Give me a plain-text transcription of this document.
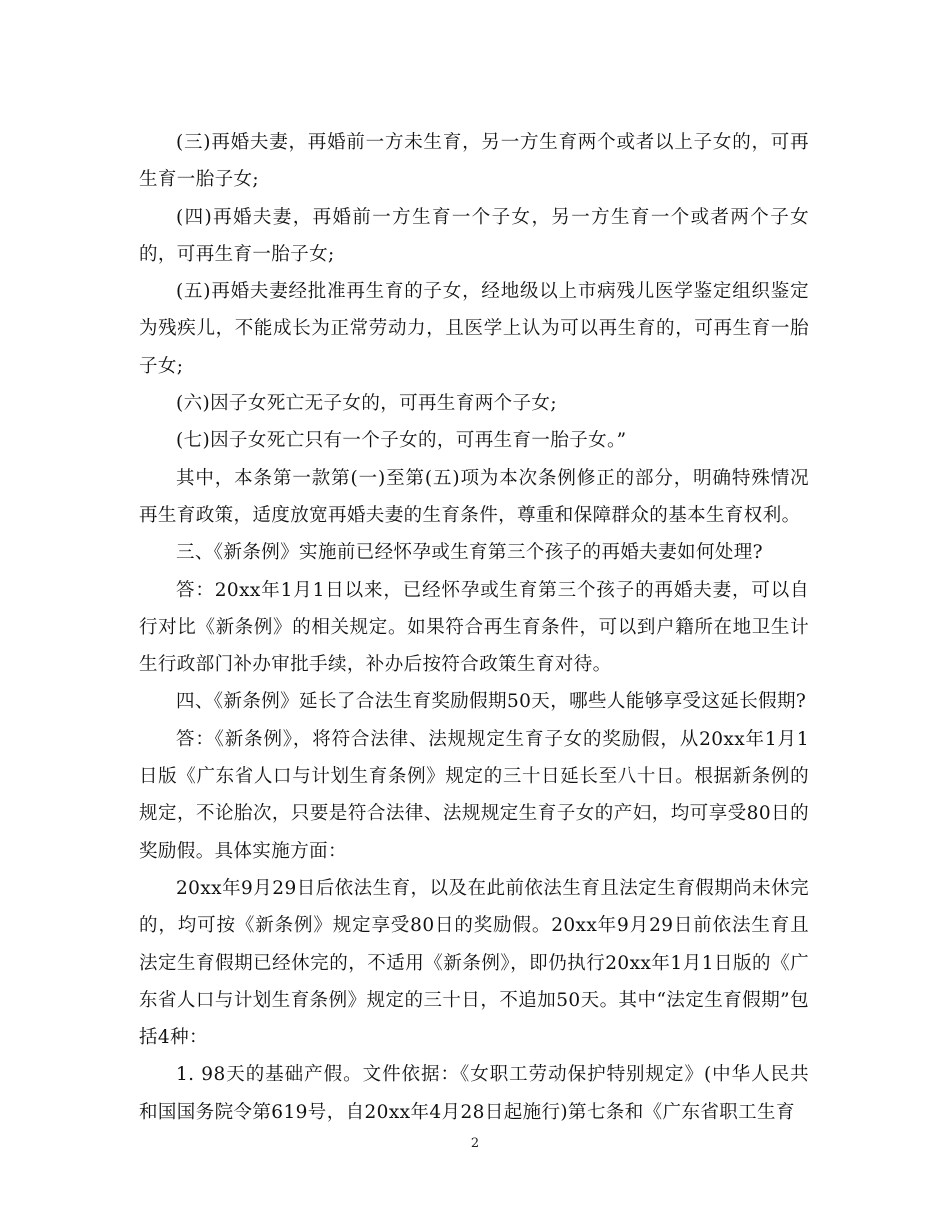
(三)再婚夫妻，再婚前一方未生育，另一方生育两个或者以上子女的，可再生育一胎子女;

(四)再婚夫妻，再婚前一方生育一个子女，另一方生育一个或者两个子女的，可再生育一胎子女;

(五)再婚夫妻经批准再生育的子女，经地级以上市病残儿医学鉴定组织鉴定为残疾儿，不能成长为正常劳动力，且医学上认为可以再生育的，可再生育一胎子女;

(六)因子女死亡无子女的，可再生育两个子女;

(七)因子女死亡只有一个子女的，可再生育一胎子女。”

其中，本条第一款第(一)至第(五)项为本次条例修正的部分，明确特殊情况再生育政策，适度放宽再婚夫妻的生育条件，尊重和保障群众的基本生育权利。

三、《新条例》实施前已经怀孕或生育第三个孩子的再婚夫妻如何处理?

答：20xx年1月1日以来，已经怀孕或生育第三个孩子的再婚夫妻，可以自行对比《新条例》的相关规定。如果符合再生育条件，可以到户籍所在地卫生计生行政部门补办审批手续，补办后按符合政策生育对待。

四、《新条例》延长了合法生育奖励假期50天，哪些人能够享受这延长假期?

答：《新条例》，将符合法律、法规规定生育子女的奖励假，从20xx年1月1日版《广东省人口与计划生育条例》规定的三十日延长至八十日。根据新条例的规定，不论胎次，只要是符合法律、法规规定生育子女的产妇，均可享受80日的奖励假。具体实施方面：

20xx年9月29日后依法生育，以及在此前依法生育且法定生育假期尚未休完的，均可按《新条例》规定享受80日的奖励假。20xx年9月29日前依法生育且法定生育假期已经休完的，不适用《新条例》，即仍执行20xx年1月1日版的《广东省人口与计划生育条例》规定的三十日，不追加50天。其中“法定生育假期”包括4种：

1. 98天的基础产假。文件依据：《女职工劳动保护特别规定》(中华人民共和国国务院令第619号，自20xx年4月28日起施行)第七条和《广东省职工生育

2
